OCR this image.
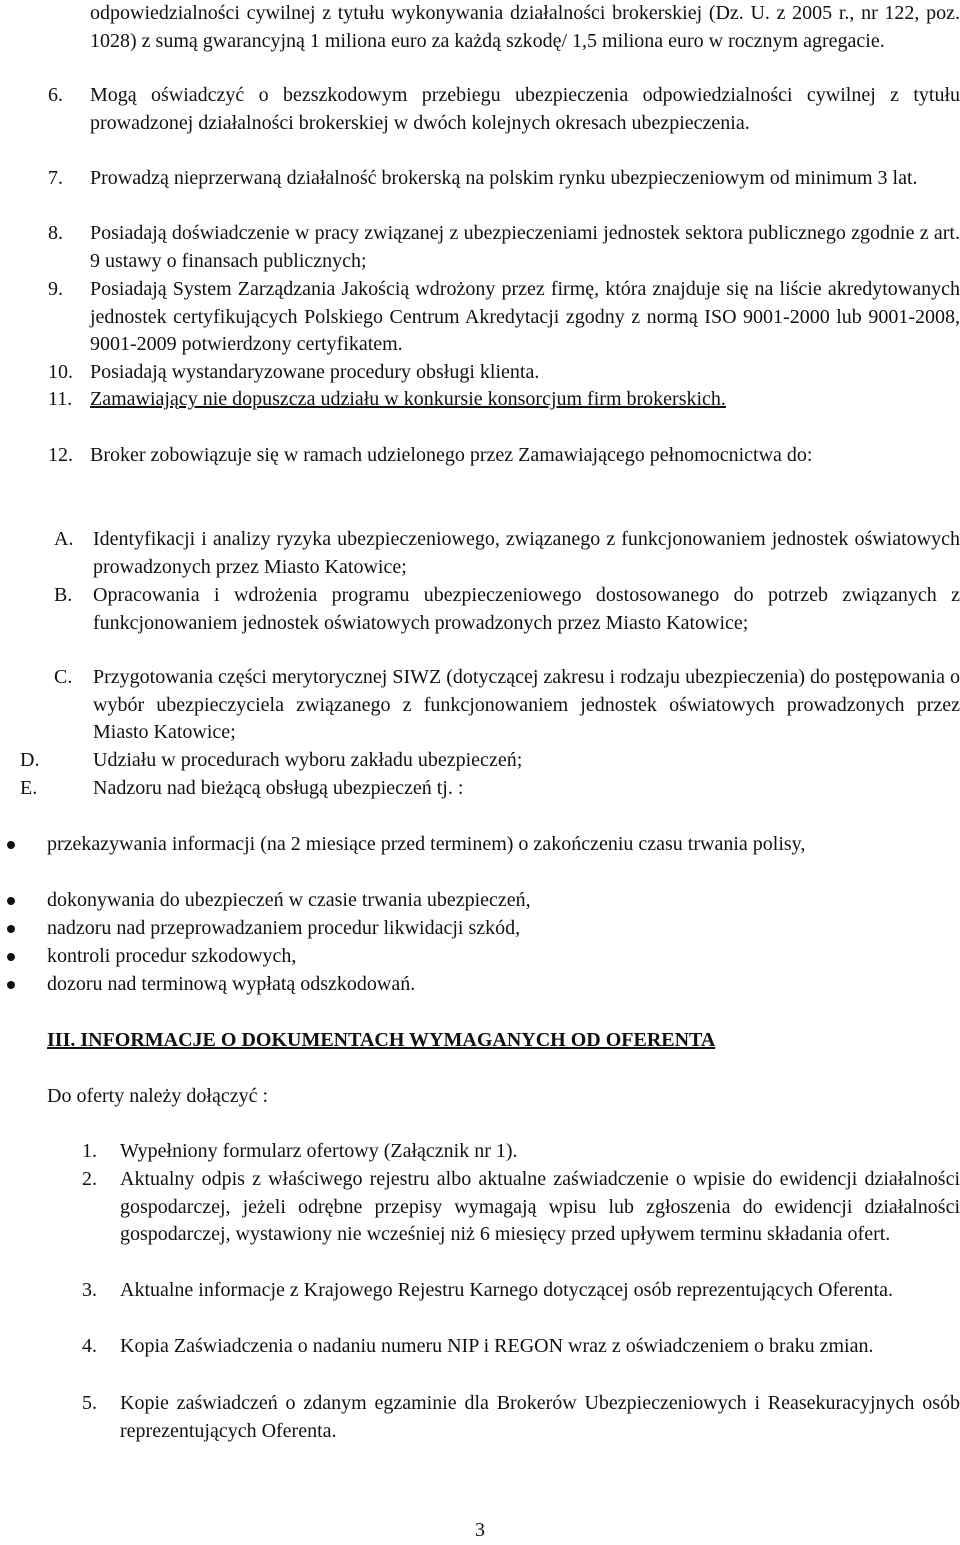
odpowiedzialności cywilnej z tytułu wykonywania działalności brokerskiej (Dz. U. z 2005 r., nr 122, poz. 1028) z sumą gwarancyjną 1 miliona euro za każdą szkodę/ 1,5 miliona euro w rocznym agregacie.
6. Mogą oświadczyć o bezszkodowym przebiegu ubezpieczenia odpowiedzialności cywilnej z tytułu prowadzonej działalności brokerskiej w dwóch kolejnych okresach ubezpieczenia.
7. Prowadzą nieprzerwaną działalność brokerską na polskim rynku ubezpieczeniowym od minimum 3 lat.
8. Posiadają doświadczenie w pracy związanej z ubezpieczeniami jednostek sektora publicznego zgodnie z art. 9 ustawy o finansach publicznych;
9. Posiadają System Zarządzania Jakością wdrożony przez firmę, która znajduje się na liście akredytowanych jednostek certyfikujących Polskiego Centrum Akredytacji zgodny z normą ISO 9001-2000 lub 9001-2008, 9001-2009 potwierdzony certyfikatem.
10. Posiadają wystandaryzowane procedury obsługi klienta.
11. Zamawiający nie dopuszcza udziału w konkursie konsorcjum firm brokerskich.
12. Broker zobowiązuje się w ramach udzielonego przez Zamawiającego pełnomocnictwa do:
A. Identyfikacji i analizy ryzyka ubezpieczeniowego, związanego z funkcjonowaniem jednostek oświatowych prowadzonych przez Miasto Katowice;
B. Opracowania i wdrożenia programu ubezpieczeniowego dostosowanego do potrzeb związanych z funkcjonowaniem jednostek oświatowych prowadzonych przez Miasto Katowice;
C. Przygotowania części merytorycznej SIWZ (dotyczącej zakresu i rodzaju ubezpieczenia) do postępowania o wybór ubezpieczyciela związanego z funkcjonowaniem jednostek oświatowych prowadzonych przez Miasto Katowice;
D.	Udziału w procedurach wyboru zakładu ubezpieczeń;
E.	Nadzoru nad bieżącą obsługą ubezpieczeń tj. :
przekazywania informacji (na 2 miesiące przed terminem) o zakończeniu czasu trwania polisy,
dokonywania do ubezpieczeń w czasie trwania ubezpieczeń,
nadzoru nad przeprowadzaniem procedur likwidacji szkód,
kontroli procedur szkodowych,
dozoru nad terminową wypłatą odszkodowań.
III. INFORMACJE O DOKUMENTACH WYMAGANYCH OD OFERENTA
Do oferty należy dołączyć :
1. Wypełniony formularz ofertowy (Załącznik nr 1).
2. Aktualny odpis z właściwego rejestru albo aktualne zaświadczenie o wpisie do ewidencji działalności gospodarczej, jeżeli odrębne przepisy wymagają wpisu lub zgłoszenia do ewidencji działalności gospodarczej, wystawiony nie wcześniej niż 6 miesięcy przed upływem terminu składania ofert.
3. Aktualne informacje z Krajowego Rejestru Karnego dotyczącej osób reprezentujących Oferenta.
4. Kopia Zaświadczenia o nadaniu numeru NIP i REGON wraz z oświadczeniem o braku zmian.
5. Kopie zaświadczeń o zdanym egzaminie dla Brokerów Ubezpieczeniowych i Reasekuracyjnych osób reprezentujących Oferenta.
3
